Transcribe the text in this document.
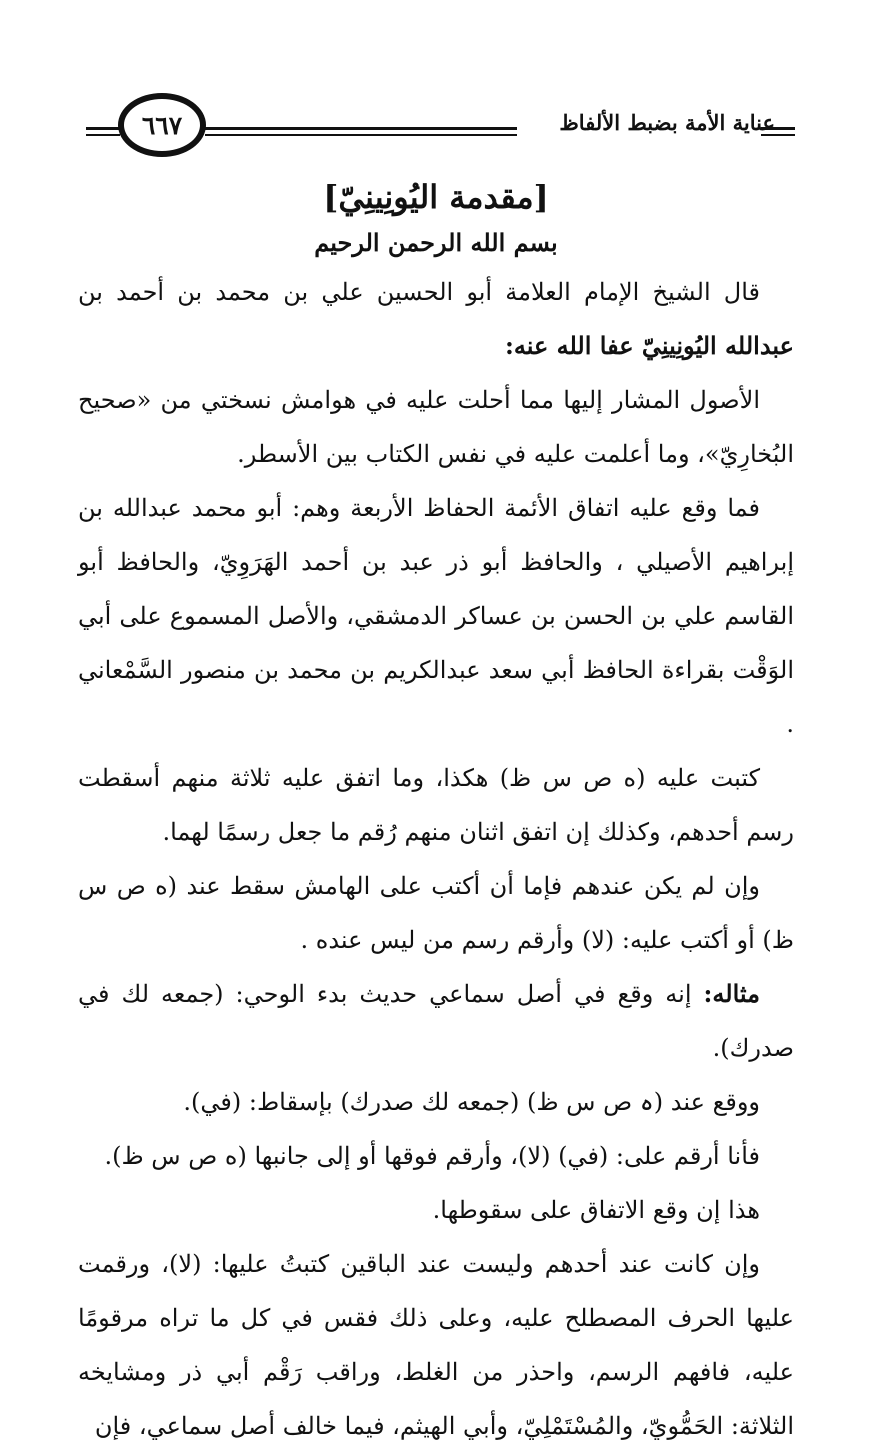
عناية الأمة بضبط الألفاظ
٦٦٧
[مقدمة اليُونِينِيّ]
بسم الله الرحمن الرحيم

قال الشيخ الإمام العلامة أبو الحسين علي بن محمد بن أحمد بن عبدالله اليُونِينِيّ عفا الله عنه:

الأصول المشار إليها مما أحلت عليه في هوامش نسختي من «صحيح البُخارِيّ»، وما أعلمت عليه في نفس الكتاب بين الأسطر.

فما وقع عليه اتفاق الأئمة الحفاظ الأربعة وهم: أبو محمد عبدالله بن إبراهيم الأصيلي ، والحافظ أبو ذر عبد بن أحمد الهَرَوِيّ، والحافظ أبو القاسم علي بن الحسن بن عساكر الدمشقي، والأصل المسموع على أبي الوَقْت بقراءة الحافظ أبي سعد عبدالكريم بن محمد بن منصور السَّمْعاني .

كتبت عليه (ه ص س ظ) هكذا، وما اتفق عليه ثلاثة منهم أسقطت رسم أحدهم، وكذلك إن اتفق اثنان منهم رُقم ما جعل رسمًا لهما.

وإن لم يكن عندهم فإما أن أكتب على الهامش سقط عند (ه ص س ظ) أو أكتب عليه: (لا) وأرقم رسم من ليس عنده .

مثاله: إنه وقع في أصل سماعي حديث بدء الوحي: (جمعه لك في صدرك).

ووقع عند (ہ ص س ظ) (جمعه لك صدرك) بإسقاط: (في).

فأنا أرقم على: (في) (لا)، وأرقم فوقها أو إلى جانبها (ه ص س ظ).

هذا إن وقع الاتفاق على سقوطها.

وإن كانت عند أحدهم وليست عند الباقين كتبتُ عليها: (لا)، ورقمت عليها الحرف المصطلح عليه، وعلى ذلك فقس في كل ما تراه مرقومًا عليه، فافهم الرسم، واحذر من الغلط، وراقب رَقْم أبي ذر ومشايخه الثلاثة: الحَمُّويّ، والمُسْتَمْلِيّ، وأبي الهيثم، فيما خالف أصل سماعي، فإن
